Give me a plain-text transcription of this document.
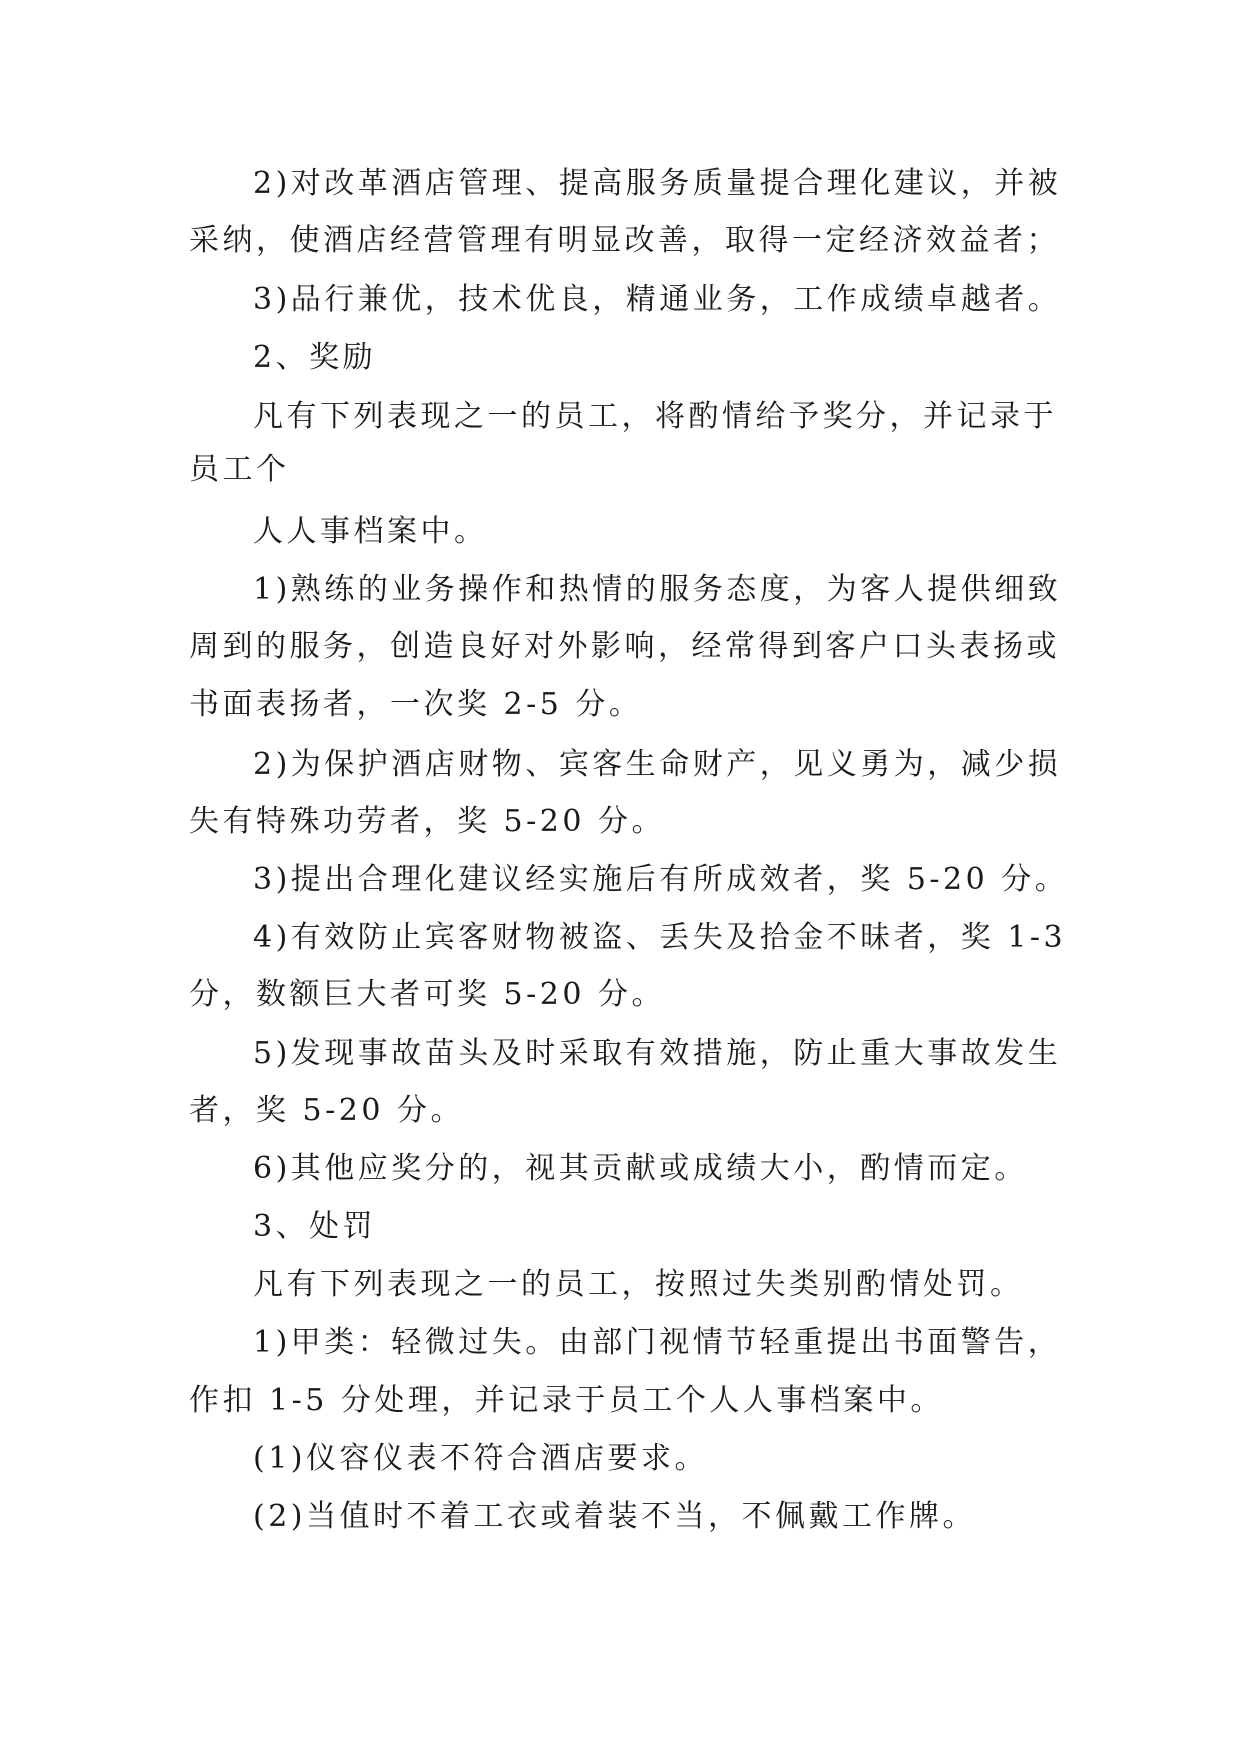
2)对改革酒店管理、提高服务质量提合理化建议，并被
采纳，使酒店经营管理有明显改善，取得一定经济效益者；
3)品行兼优，技术优良，精通业务，工作成绩卓越者。
2、奖励
凡有下列表现之一的员工，将酌情给予奖分，并记录于
员工个
人人事档案中。
1)熟练的业务操作和热情的服务态度，为客人提供细致
周到的服务，创造良好对外影响，经常得到客户口头表扬或
书面表扬者，一次奖 2-5 分。
2)为保护酒店财物、宾客生命财产，见义勇为，减少损
失有特殊功劳者，奖 5-20 分。
3)提出合理化建议经实施后有所成效者，奖 5-20 分。
4)有效防止宾客财物被盗、丢失及拾金不昧者，奖 1-3
分，数额巨大者可奖 5-20 分。
5)发现事故苗头及时采取有效措施，防止重大事故发生
者，奖 5-20 分。
6)其他应奖分的，视其贡献或成绩大小，酌情而定。
3、处罚
凡有下列表现之一的员工，按照过失类别酌情处罚。
1)甲类：轻微过失。由部门视情节轻重提出书面警告，
作扣 1-5 分处理，并记录于员工个人人事档案中。
(1)仪容仪表不符合酒店要求。
(2)当值时不着工衣或着装不当，不佩戴工作牌。
